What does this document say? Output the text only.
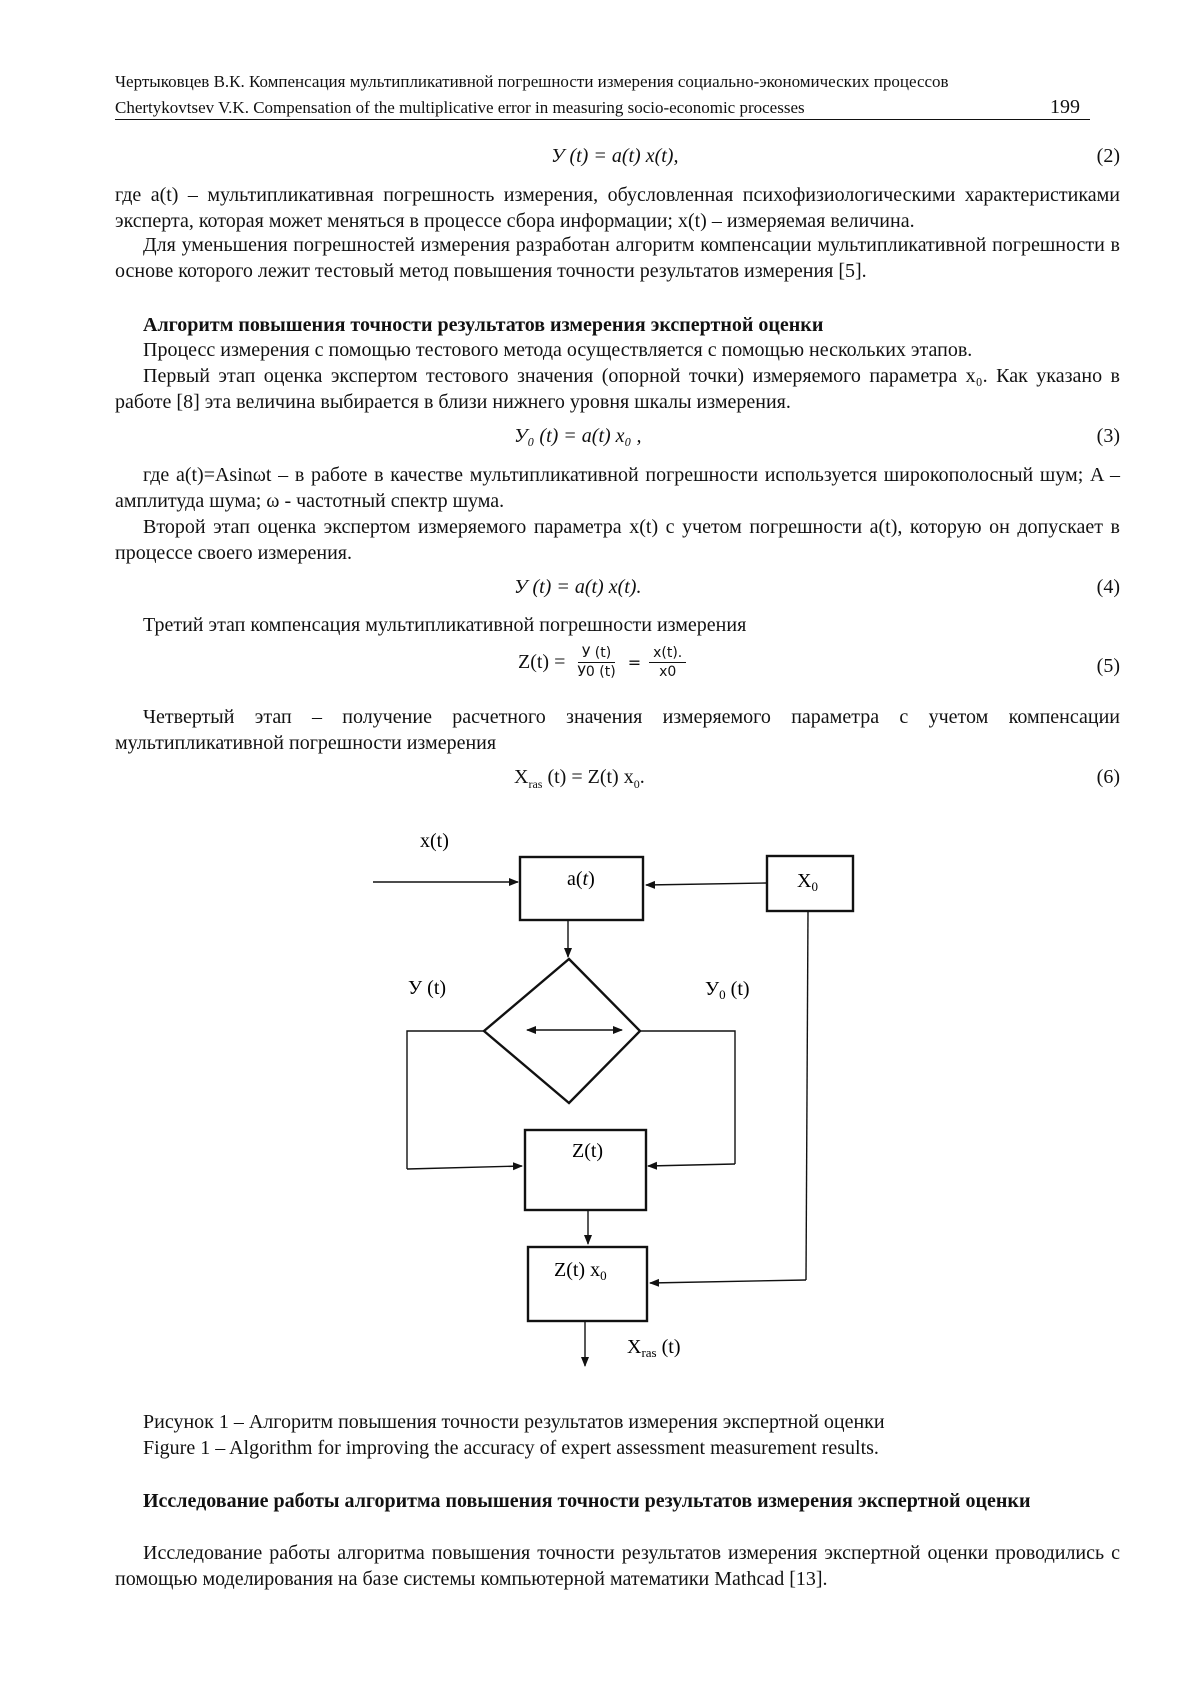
Чертыковцев В.К. Компенсация мультипликативной погрешности измерения социально-экономических процессов
Chertykovtsev V.K. Compensation of the multiplicative error in measuring socio-economic processes	199
У (t) = a(t) x(t),	(2)
где a(t) – мультипликативная погрешность измерения, обусловленная психофизиологическими характеристиками эксперта, которая может меняться в процессе сбора информации; x(t) – измеряемая величина.
Для уменьшения погрешностей измерения разработан алгоритм компенсации мультипликативной погрешности в основе которого лежит тестовый метод повышения точности результатов измерения [5].
Алгоритм повышения точности результатов измерения экспертной оценки
Процесс измерения с помощью тестового метода осуществляется с помощью нескольких этапов.
Первый этап оценка экспертом тестового значения (опорной точки) измеряемого параметра x₀. Как указано в работе [8] эта величина выбирается в близи нижнего уровня шкалы измерения.
У₀ (t) = a(t) x₀ ,	(3)
где a(t)=Asinωt – в работе в качестве мультипликативной погрешности используется широкополосный шум; A – амплитуда шума; ω - частотный спектр шума.
Второй этап оценка экспертом измеряемого параметра x(t) с учетом погрешности a(t), которую он допускает в процессе своего измерения.
У (t) = a(t) x(t).	(4)
Третий этап компенсация мультипликативной погрешности измерения
$Z(t) = \frac{У (t)}{У0 (t)} = \frac{x(t).}{x0}$	(5)
Четвертый этап – получение расчетного значения измеряемого параметра с учетом компенсации мультипликативной погрешности измерения
$X_{ras}$ (t) = Z(t) $x_0$.	(6)
x(t)
a(t)	$X_0$
У (t)	$У_0$ (t)
Z(t)
Z(t) $x_0$
$X_{ras}$ (t)
Рисунок 1 – Алгоритм повышения точности результатов измерения экспертной оценки
Figure 1 – Algorithm for improving the accuracy of expert assessment measurement results.
Исследование работы алгоритма повышения точности результатов измерения экспертной оценки
Исследование работы алгоритма повышения точности результатов измерения экспертной оценки проводились с помощью моделирования на базе системы компьютерной математики Mathcad [13].
